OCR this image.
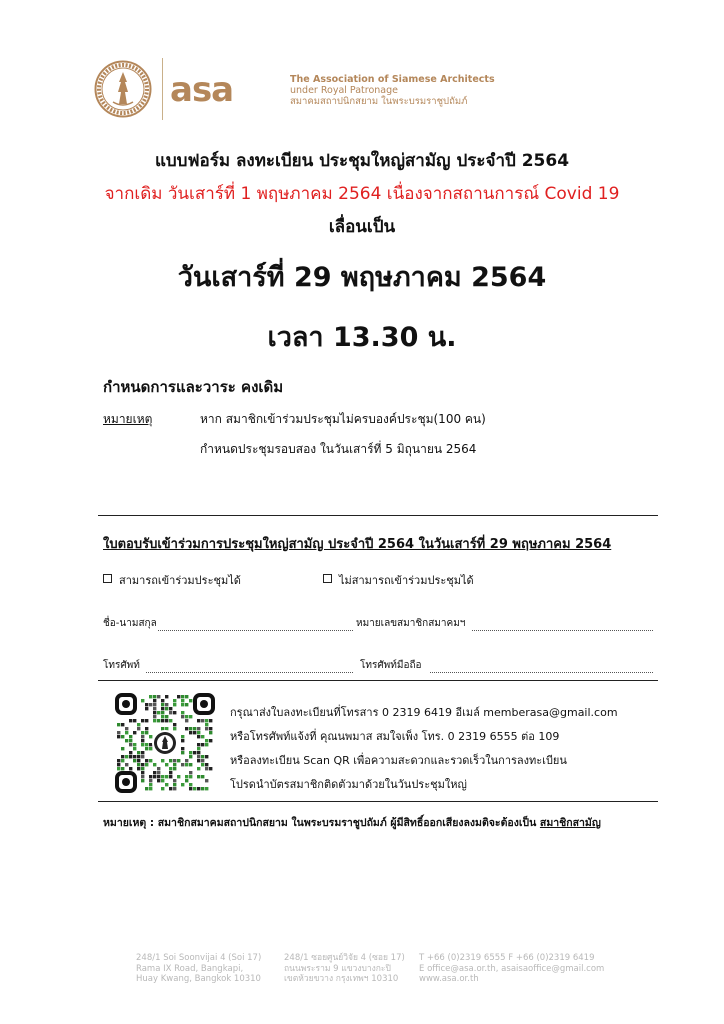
asa	The Association of Siamese Architects
under Royal Patronage
สมาคมสถาปนิกสยาม ในพระบรมราชูปถัมภ์
แบบฟอร์ม ลงทะเบียน ประชุมใหญ่สามัญ ประจำปี 2564
จากเดิม วันเสาร์ที่ 1 พฤษภาคม 2564 เนื่องจากสถานการณ์ Covid 19
เลื่อนเป็น
วันเสาร์ที่ 29 พฤษภาคม 2564
เวลา 13.30 น.
กำหนดการและวาระ คงเดิม
หมายเหตุ	หาก สมาชิกเข้าร่วมประชุมไม่ครบองค์ประชุม(100 คน)
กำหนดประชุมรอบสอง ในวันเสาร์ที่ 5 มิถุนายน 2564
ใบตอบรับเข้าร่วมการประชุมใหญ่สามัญ ประจำปี 2564 ในวันเสาร์ที่ 29 พฤษภาคม 2564
สามารถเข้าร่วมประชุมได้	ไม่สามารถเข้าร่วมประชุมได้
ชื่อ-นามสกุล	หมายเลขสมาชิกสมาคมฯ
โทรศัพท์	โทรศัพท์มือถือ
กรุณาส่งใบลงทะเบียนที่โทรสาร 0 2319 6419 อีเมล์ memberasa@gmail.com
หรือโทรศัพท์แจ้งที่ คุณนพมาส สมใจเพ็ง โทร. 0 2319 6555 ต่อ 109
หรือลงทะเบียน Scan QR เพื่อความสะดวกและรวดเร็วในการลงทะเบียน
โปรดนำบัตรสมาชิกติดตัวมาด้วยในวันประชุมใหญ่
หมายเหตุ : สมาชิกสมาคมสถาปนิกสยาม ในพระบรมราชูปถัมภ์ ผู้มีสิทธิ์ออกเสียงลงมติจะต้องเป็น สมาชิกสามัญ
248/1 Soi Soonvijai 4 (Soi 17)
Rama IX Road, Bangkapi,
Huay Kwang, Bangkok 10310
248/1 ซอยศูนย์วิจัย 4 (ซอย 17)
ถนนพระราม 9 แขวงบางกะปิ
เขตห้วยขวาง กรุงเทพฯ 10310
T +66 (0)2319 6555 F +66 (0)2319 6419
E office@asa.or.th, asaisaoffice@gmail.com
www.asa.or.th
